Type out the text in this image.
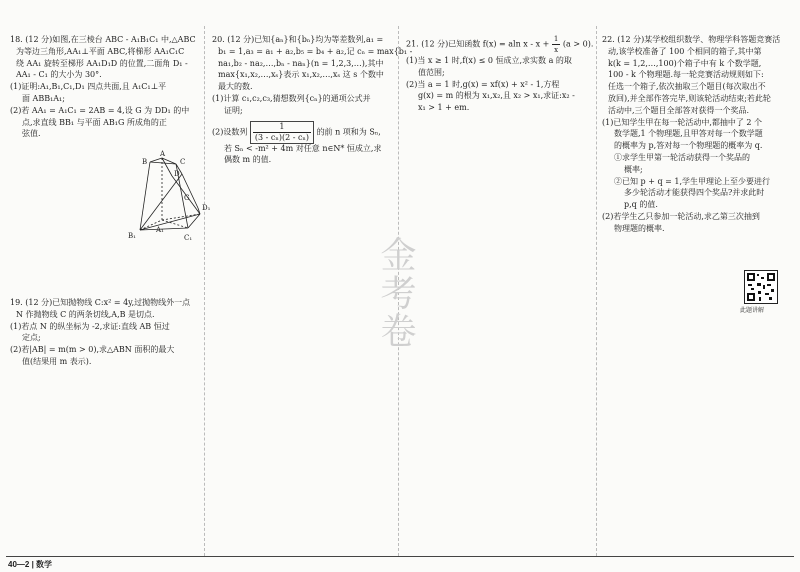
18. (12 分)如图,在三棱台 ABC - A₁B₁C₁ 中,△ABC
为等边三角形,AA₁⊥平面 ABC,将梯形 AA₁C₁C
绕 AA₁ 旋转至梯形 AA₁D₁D 的位置,二面角 D₁ -
AA₁ - C₁ 的大小为 30°.
(1)证明:A₁,B₁,C₁,D₁ 四点共面,且 A₁C₁⊥平
面 ABB₁A₁;
(2)若 AA₁ = A₁C₁ = 2AB = 4,设 G 为 DD₁ 的中
点,求直线 BB₁ 与平面 AB₁G 所成角的正
弦值.
A
D
C
B
G
A₁
D₁
C₁
B₁
19. (12 分)已知抛物线 C:x² = 4y,过抛物线外一点
N 作抛物线 C 的两条切线,A,B 是切点.
(1)若点 N 的纵坐标为 -2,求证:直线 AB 恒过
定点;
(2)若|AB| = m(m > 0),求△ABN 面积的最大
值(结果用 m 表示).
20. (12 分)已知{aₙ}和{bₙ}均为等差数列,a₁ =
b₁ = 1,a₃ = a₁ + a₂,b₅ = b₄ + a₂,记 cₙ = max{b₁ -
na₁,b₂ - na₂,…,bₙ - naₙ}(n = 1,2,3,…),其中
max{x₁,x₂,…,xₛ}表示 x₁,x₂,…,xₛ 这 s 个数中
最大的数.
(1)计算 c₁,c₂,c₃,猜想数列{cₙ}的通项公式并
证明;
(2)设数列 $\frac{1}{\text{(3 - cₙ)(2 - cₙ)}}$ 的前 n 项和为 Sₙ,
若 Sₙ < -m² + 4m 对任意 n∈N* 恒成立,求
偶数 m 的值.
21. (12 分)已知函数 f(x) = aln $x - x + \frac{1}{x} (a > 0)$.
(1)当 x ≥ 1 时,f(x) ≤ 0 恒成立,求实数 a 的取
值范围;
(2)当 a = 1 时,g(x) = xf(x) + x² - 1,方程
g(x) = m 的根为 x₁,x₂,且 x₂ > x₁,求证:x₂ -
x₁ > 1 + em.
22. (12 分)某学校组织数学、物理学科答题竞赛活
动,该学校准备了 100 个相同的箱子,其中第
k(k = 1,2,…,100)个箱子中有 k 个数学题,
100 - k 个物理题.每一轮竞赛活动规则如下:
任选一个箱子,依次抽取三个题目(每次取出不
放回),并全部作答完毕,则该轮活动结束;若此轮
活动中,三个题目全部答对获得一个奖品.
(1)已知学生甲在每一轮活动中,都抽中了 2 个
数学题,1 个物理题,且甲答对每一个数学题
的概率为 p,答对每一个物理题的概率为 q.
①求学生甲第一轮活动获得一个奖品的
概率;
②已知 p + q = 1,学生甲理论上至少要进行
多少轮活动才能获得四个奖品?并求此时
p,q 的值.
(2)若学生乙只参加一轮活动,求乙第三次抽到
物理题的概率.
此题讲解
金考卷
40—2 | 数学
